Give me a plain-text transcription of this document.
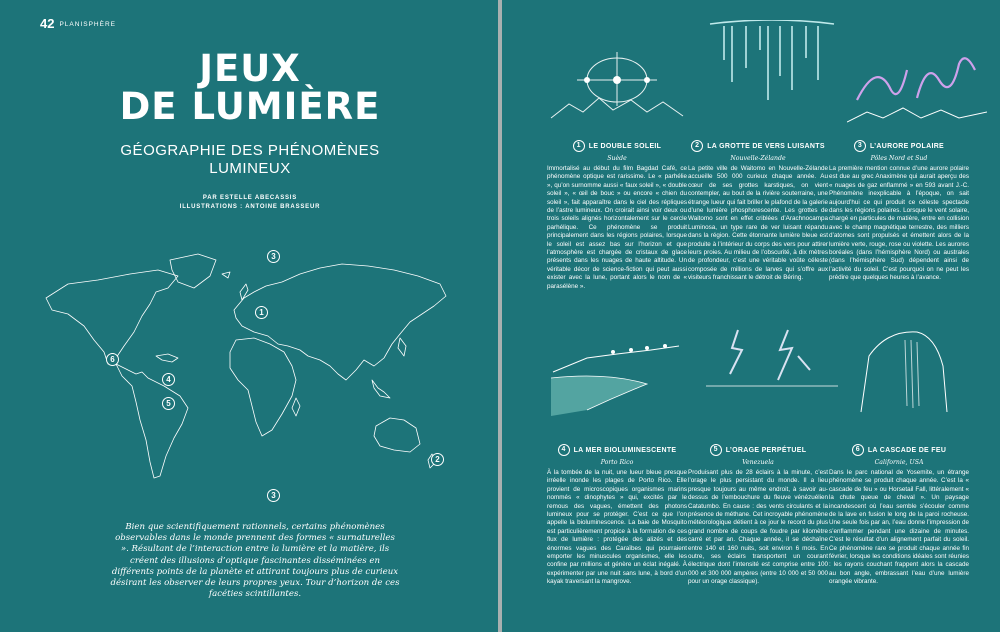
42 PLANISPHÈRE
JEUX
DE LUMIÈRE
GÉOGRAPHIE DES PHÉNOMÈNES
LUMINEUX
PAR ESTELLE ABECASSIS
ILLUSTRATIONS : ANTOINE BRASSEUR
3
1
6
4
5
2
3

Bien que scientifiquement rationnels, certains phénomènes observables dans le monde prennent des formes « surnaturelles ». Résultant de l’interaction entre la lumière et la matière, ils créent des illusions d’optique fascinantes disséminées en différents points de la planète et attirant toujours plus de curieux désirant les observer de leurs propres yeux. Tour d’horizon de ces facéties scintillantes.

1	LE DOUBLE SOLEIL
Suède

Immortalisé au début du film Bagdad Café, ce phénomène optique est rarissime. Le « parhélie », qu’on surnomme aussi « faux soleil », « double soleil », « œil de bouc » ou encore « chien du soleil », fait apparaître dans le ciel des répliques de l’astre lumineux. On croirait ainsi voir deux ou trois soleils alignés horizontalement sur le cercle parhélique. Ce phénomène se produit principalement dans les régions polaires, lorsque le soleil est assez bas sur l’horizon et que l’atmosphère est chargée de cristaux de glace présents dans les nuages de haute altitude. Un véritable décor de science-fiction qui peut aussi exister avec la lune, portant alors le nom de « parasélène ».

2	LA GROTTE DE VERS LUISANTS
Nouvelle-Zélande

La petite ville de Waitomo en Nouvelle-Zélande accueille 500 000 curieux chaque année. Au cœur de ses grottes karstiques, on vient contempler, au bout de la rivière souterraine, une étrange lueur qui fait briller le plafond de la galerie d’une lumière phosphorescente. Les grottes de Waitomo sont en effet criblées d’Arachnocampa Luminosa, un type rare de ver luisant répandu dans la région. Cette étonnante lumière bleue est produite à l’intérieur du corps des vers pour attirer leurs proies. Au milieu de l’obscurité, à dix mètres de profondeur, c’est une véritable voûte céleste composée de millions de larves qui s’offre aux visiteurs franchissant le détroit de Béring.

3	L’AURORE POLAIRE
Pôles Nord et Sud

La première mention connue d’une aurore polaire est due au grec Anaximène qui aurait aperçu des « nuages de gaz enflammé » en 593 avant J.-C. Phénomène inexplicable à l’époque, on sait aujourd’hui ce qui produit ce céleste spectacle dans les régions polaires. Lorsque le vent solaire, chargé en particules de matière, entre en collision avec le champ magnétique terrestre, des milliers d’atomes sont propulsés et émettent alors de la lumière verte, rouge, rose ou violette. Les aurores boréales (dans l’hémisphère Nord) ou australes (dans l’hémisphère Sud) dépendent ainsi de l’activité du soleil. C’est pourquoi on ne peut les prédire que quelques heures à l’avance.

4	LA MER BIOLUMINESCENTE
Porto Rico

À la tombée de la nuit, une lueur bleue presque irréelle inonde les plages de Porto Rico. Elle provient de microscopiques organismes marins nommés « dinophytes » qui, excités par le remous des vagues, émettent des photons lumineux pour se protéger. C’est ce que l’on appelle la bioluminescence. La baie de Mosquito est particulièrement propice à la formation de ces flux de lumière : protégée des alizés et des énormes vagues des Caraïbes qui pourraient emporter les minuscules organismes, elle les confine par millions et génère un éclat inégalé. À expérimenter par une nuit sans lune, à bord d’un kayak traversant la mangrove.

5	L’ORAGE PERPÉTUEL
Venezuela

Produisant plus de 28 éclairs à la minute, c’est l’orage le plus persistant du monde. Il a lieu presque toujours au même endroit, à savoir au-dessus de l’embouchure du fleuve vénézuélien Catatumbo. En cause : des vents circulants et la présence de méthane. Cet incroyable phénomène météorologique détient à ce jour le record du plus grand nombre de coups de foudre par kilomètre carré et par an. Chaque année, il se déchaîne entre 140 et 160 nuits, soit environ 6 mois. En outre, ses éclairs transportent un courant électrique dont l’intensité est comprise entre 100 000 et 300 000 ampères (entre 10 000 et 50 000 pour un orage classique).

6	LA CASCADE DE FEU
Californie, USA

Dans le parc national de Yosemite, un étrange phénomène se produit chaque année. C’est la « cascade de feu » ou Horsetail Fall, littéralement « la chute queue de cheval ». Un paysage incandescent où l’eau semble s’écouler comme de la lave en fusion le long de la paroi rocheuse. Une seule fois par an, l’eau donne l’impression de s’enflammer pendant une dizaine de minutes. C’est le résultat d’un alignement parfait du soleil. Ce phénomène rare se produit chaque année fin février, lorsque les conditions idéales sont réunies : les rayons couchant frappent alors la cascade au bon angle, embrassant l’eau d’une lumière orangée vibrante.
